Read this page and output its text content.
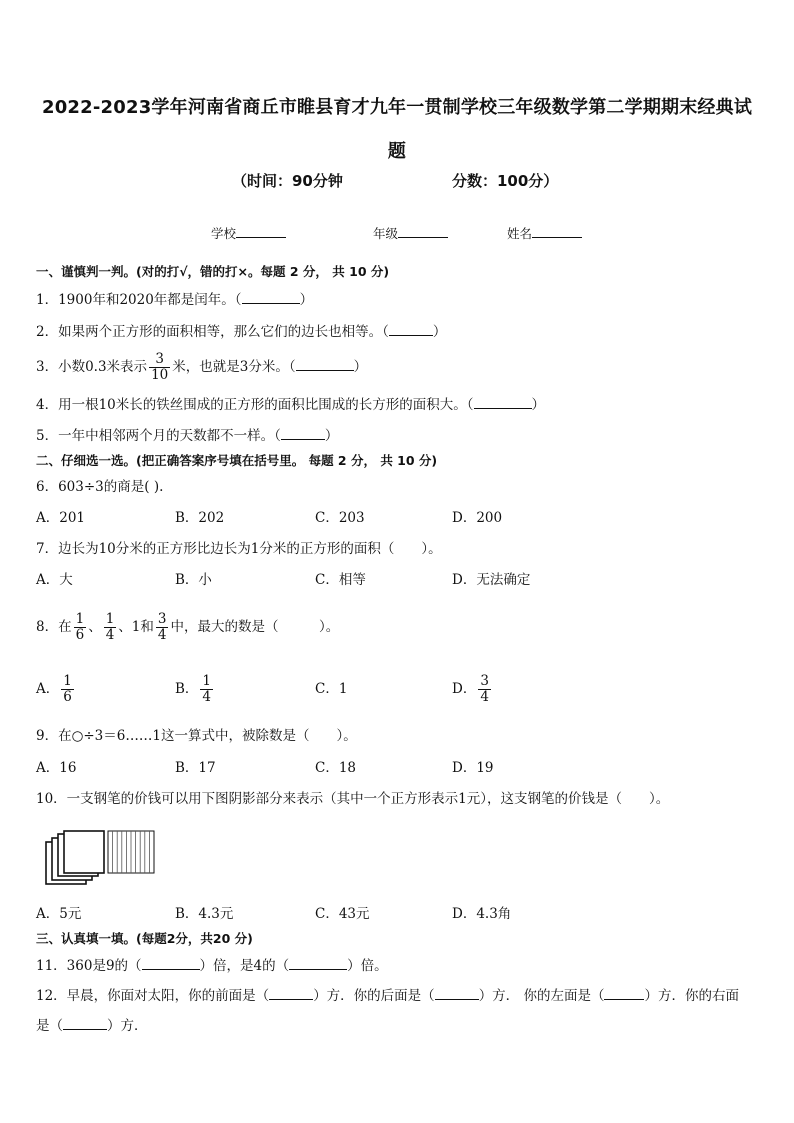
2022-2023学年河南省商丘市睢县育才九年一贯制学校三年级数学第二学期期末经典试题
（时间：90分钟	分数：100分）
学校	年级	姓名
一、谨慎判一判。(对的打√，错的打×。每题 2 分， 共 10 分)
1．1900年和2020年都是闰年。（	）
2．如果两个正方形的面积相等，那么它们的边长也相等。（	）
3．小数0.3米表示 $\frac{3}{10}$ 米，也就是3分米。（	）
4．用一根10米长的铁丝围成的正方形的面积比围成的长方形的面积大。（	）
5．一年中相邻两个月的天数都不一样。（	）
二、仔细选一选。(把正确答案序号填在括号里。 每题 2 分， 共 10 分)
6．603÷3的商是( ).
A．201	B．202	C．203	D．200
7．边长为10分米的正方形比边长为1分米的正方形的面积（　　）。
A．大	B．小	C．相等	D．无法确定
8．在 $\frac{1}{6}$ 、 $\frac{1}{4}$ 、1和 $\frac{3}{4}$ 中，最大的数是（　　　）。
A． $\frac{1}{6}$	B． $\frac{1}{4}$	C．1	D． $\frac{3}{4}$
9．在○÷3＝6……1这一算式中，被除数是（　　）。
A．16	B．17	C．18	D．19
10．一支钢笔的价钱可以用下图阴影部分来表示（其中一个正方形表示1元），这支钢笔的价钱是（　　）。
A．5元	B．4.3元	C．43元	D．4.3角
三、认真填一填。(每题2分，共20 分)
11．360是9的（	）倍，是4的（	）倍。
12．早晨，你面对太阳，你的前面是（	）方．你的后面是（	）方． 你的左面是（	）方．你的右面
是（	）方．
